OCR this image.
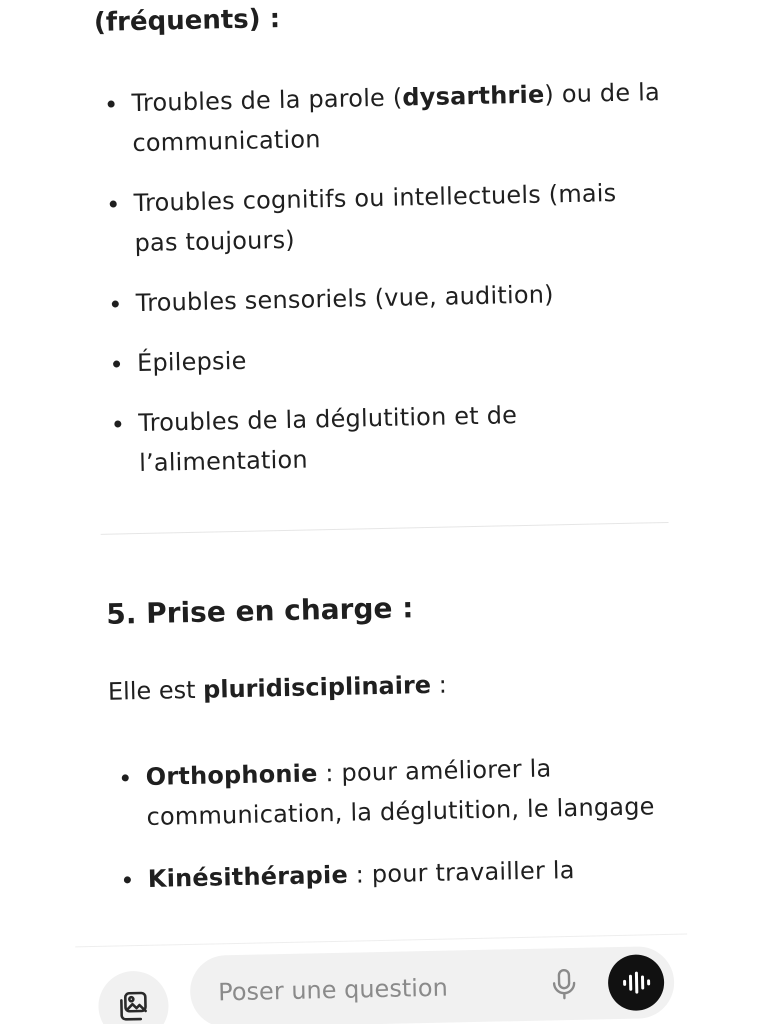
(fréquents) :
Troubles de la parole (dysarthrie) ou de la communication
Troubles cognitifs ou intellectuels (mais pas toujours)
Troubles sensoriels (vue, audition)
Épilepsie
Troubles de la déglutition et de l’alimentation
5. Prise en charge :

Elle est pluridisciplinaire :

Orthophonie : pour améliorer la communication, la déglutition, le langage
Kinésithérapie : pour travailler la
Poser une question
